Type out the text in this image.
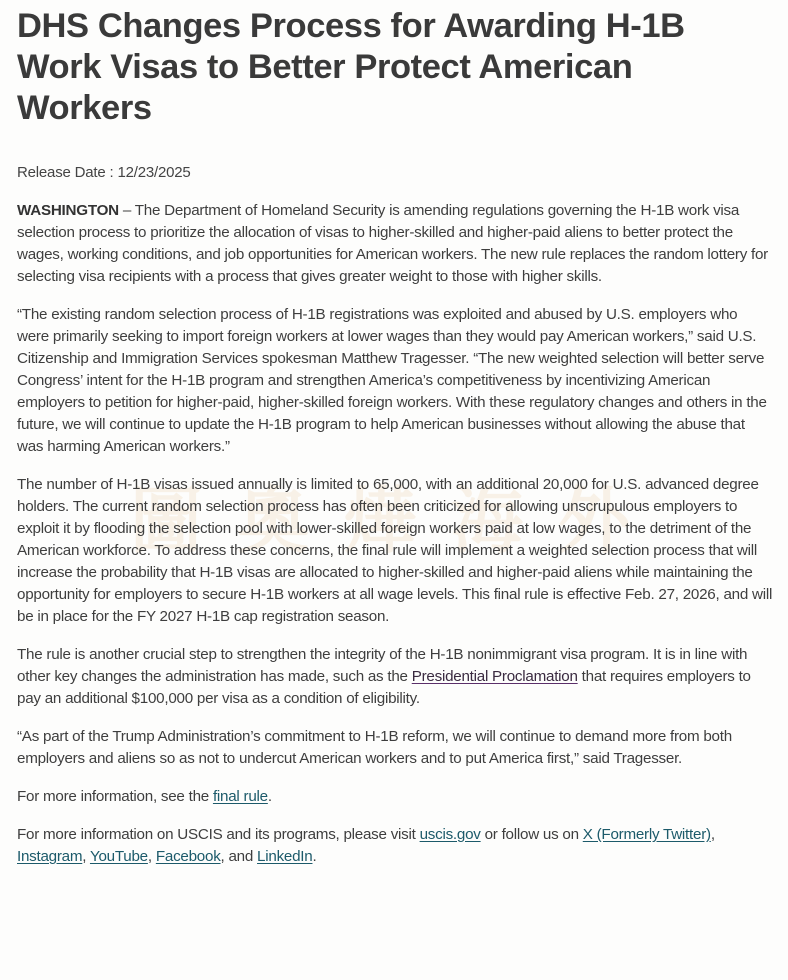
圖 奧 燁 海 外
DHS Changes Process for Awarding H-1B Work Visas to Better Protect American Workers
Release Date : 12/23/2025

WASHINGTON – The Department of Homeland Security is amending regulations governing the H-1B work visa selection process to prioritize the allocation of visas to higher-skilled and higher-paid aliens to better protect the wages, working conditions, and job opportunities for American workers. The new rule replaces the random lottery for selecting visa recipients with a process that gives greater weight to those with higher skills.

“The existing random selection process of H-1B registrations was exploited and abused by U.S. employers who were primarily seeking to import foreign workers at lower wages than they would pay American workers,” said U.S. Citizenship and Immigration Services spokesman Matthew Tragesser. “The new weighted selection will better serve Congress’ intent for the H-1B program and strengthen America’s competitiveness by incentivizing American employers to petition for higher-paid, higher-skilled foreign workers. With these regulatory changes and others in the future, we will continue to update the H-1B program to help American businesses without allowing the abuse that was harming American workers.”

The number of H-1B visas issued annually is limited to 65,000, with an additional 20,000 for U.S. advanced degree holders. The current random selection process has often been criticized for allowing unscrupulous employers to exploit it by flooding the selection pool with lower-skilled foreign workers paid at low wages, to the detriment of the American workforce. To address these concerns, the final rule will implement a weighted selection process that will increase the probability that H-1B visas are allocated to higher-skilled and higher-paid aliens while maintaining the opportunity for employers to secure H-1B workers at all wage levels. This final rule is effective Feb. 27, 2026, and will be in place for the FY 2027 H-1B cap registration season.

The rule is another crucial step to strengthen the integrity of the H-1B nonimmigrant visa program. It is in line with other key changes the administration has made, such as the Presidential Proclamation that requires employers to pay an additional $100,000 per visa as a condition of eligibility.

“As part of the Trump Administration’s commitment to H-1B reform, we will continue to demand more from both employers and aliens so as not to undercut American workers and to put America first,” said Tragesser.

For more information, see the final rule.

For more information on USCIS and its programs, please visit uscis.gov or follow us on X (Formerly Twitter), Instagram, YouTube, Facebook, and LinkedIn.
